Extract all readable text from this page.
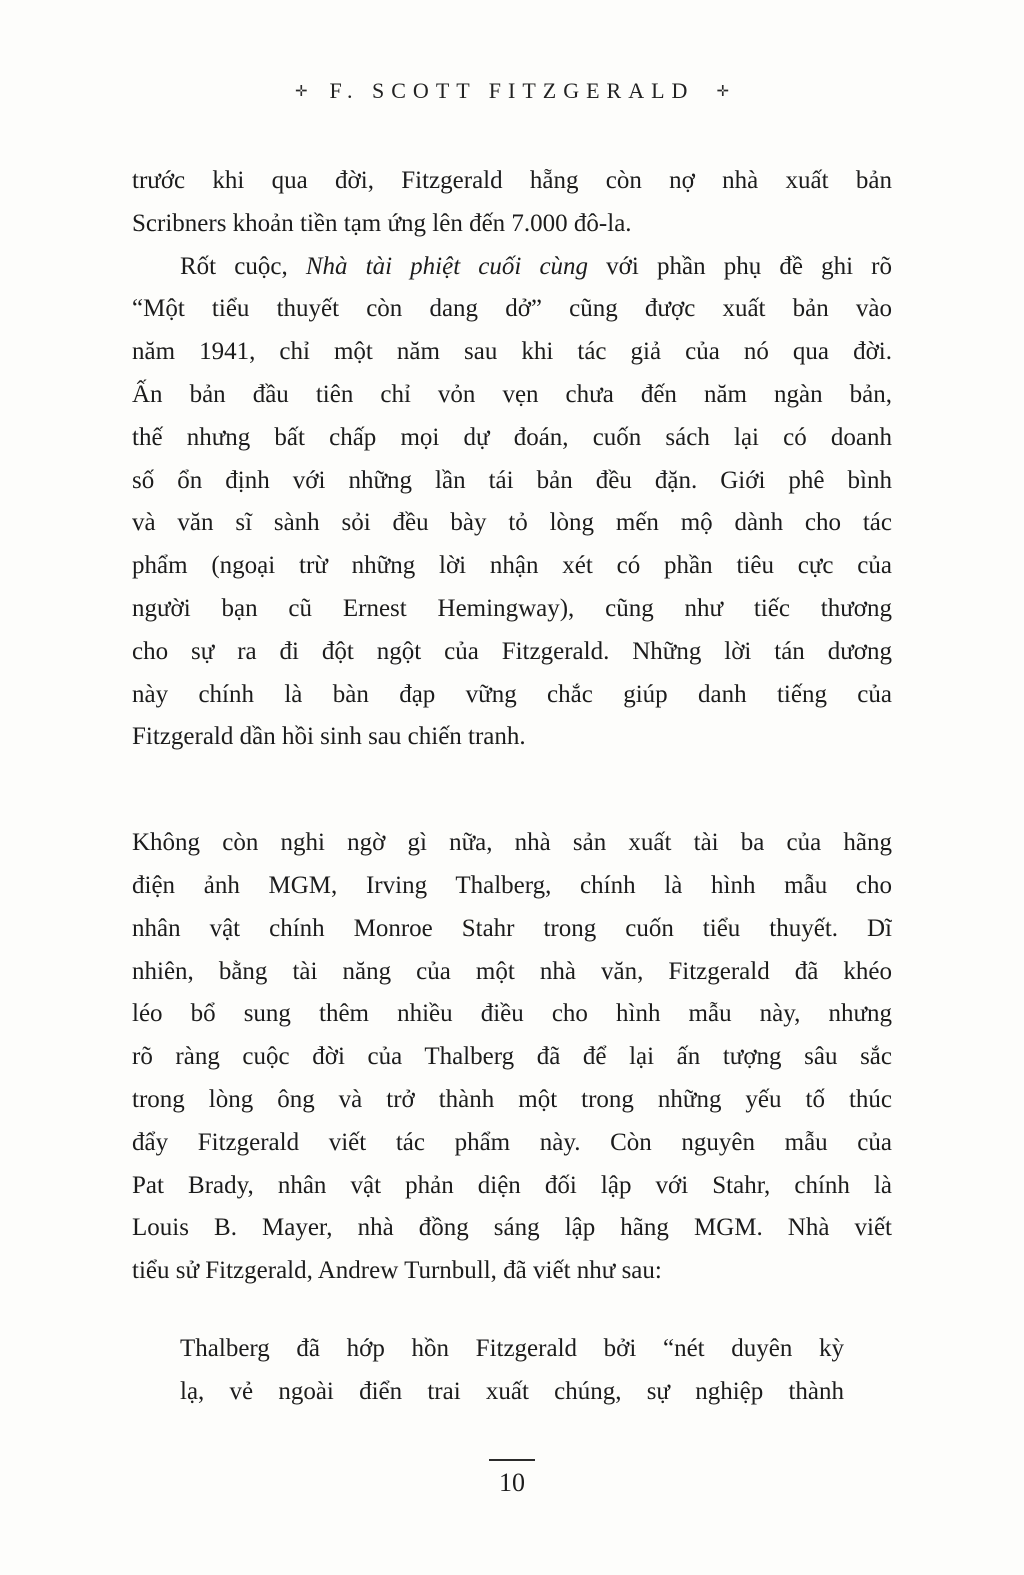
✛ F. SCOTT FITZGERALD ✛
trước khi qua đời, Fitzgerald hẵng còn nợ nhà xuất bản
Scribners khoản tiền tạm ứng lên đến 7.000 đô-la.
Rốt cuộc, Nhà tài phiệt cuối cùng với phần phụ đề ghi rõ
“Một tiểu thuyết còn dang dở” cũng được xuất bản vào
năm 1941, chỉ một năm sau khi tác giả của nó qua đời.
Ấn bản đầu tiên chỉ vỏn vẹn chưa đến năm ngàn bản,
thế nhưng bất chấp mọi dự đoán, cuốn sách lại có doanh
số ổn định với những lần tái bản đều đặn. Giới phê bình
và văn sĩ sành sỏi đều bày tỏ lòng mến mộ dành cho tác
phẩm (ngoại trừ những lời nhận xét có phần tiêu cực của
người bạn cũ Ernest Hemingway), cũng như tiếc thương
cho sự ra đi đột ngột của Fitzgerald. Những lời tán dương
này chính là bàn đạp vững chắc giúp danh tiếng của
Fitzgerald dần hồi sinh sau chiến tranh.
Không còn nghi ngờ gì nữa, nhà sản xuất tài ba của hãng
điện ảnh MGM, Irving Thalberg, chính là hình mẫu cho
nhân vật chính Monroe Stahr trong cuốn tiểu thuyết. Dĩ
nhiên, bằng tài năng của một nhà văn, Fitzgerald đã khéo
léo bổ sung thêm nhiều điều cho hình mẫu này, nhưng
rõ ràng cuộc đời của Thalberg đã để lại ấn tượng sâu sắc
trong lòng ông và trở thành một trong những yếu tố thúc
đẩy Fitzgerald viết tác phẩm này. Còn nguyên mẫu của
Pat Brady, nhân vật phản diện đối lập với Stahr, chính là
Louis B. Mayer, nhà đồng sáng lập hãng MGM. Nhà viết
tiểu sử Fitzgerald, Andrew Turnbull, đã viết như sau:
Thalberg đã hớp hồn Fitzgerald bởi “nét duyên kỳ
lạ, vẻ ngoài điển trai xuất chúng, sự nghiệp thành
10
